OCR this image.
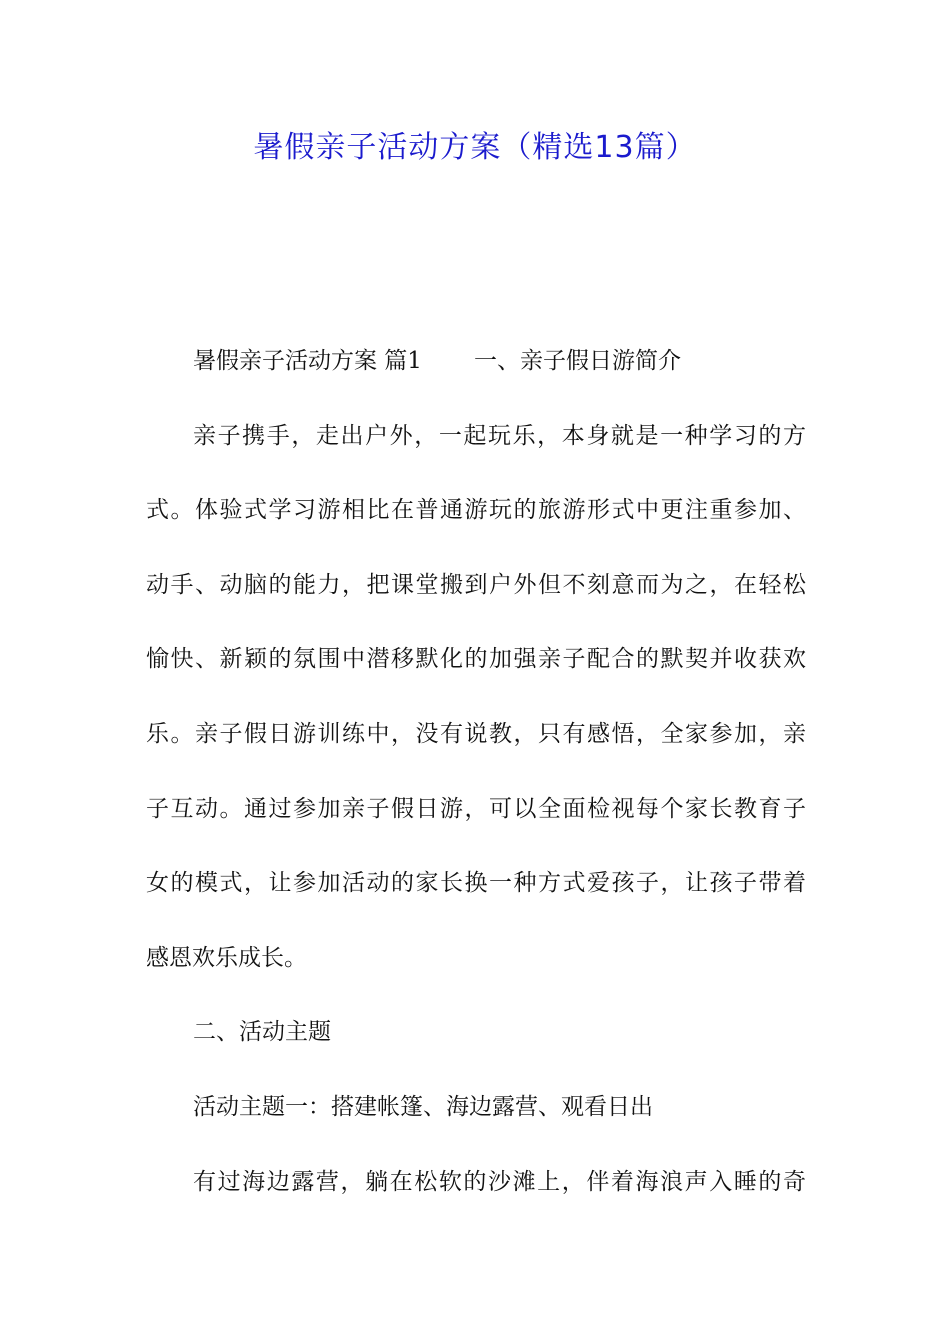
暑假亲子活动方案（精选13篇）
暑假亲子活动方案 篇1 一、亲子假日游简介
亲子携手，走出户外，一起玩乐，本身就是一种学习的方
式。体验式学习游相比在普通游玩的旅游形式中更注重参加、
动手、动脑的能力，把课堂搬到户外但不刻意而为之，在轻松
愉快、新颖的氛围中潜移默化的加强亲子配合的默契并收获欢
乐。亲子假日游训练中，没有说教，只有感悟，全家参加，亲
子互动。通过参加亲子假日游，可以全面检视每个家长教育子
女的模式，让参加活动的家长换一种方式爱孩子，让孩子带着
感恩欢乐成长。
二、活动主题
活动主题一：搭建帐篷、海边露营、观看日出
有过海边露营，躺在松软的沙滩上，伴着海浪声入睡的奇
